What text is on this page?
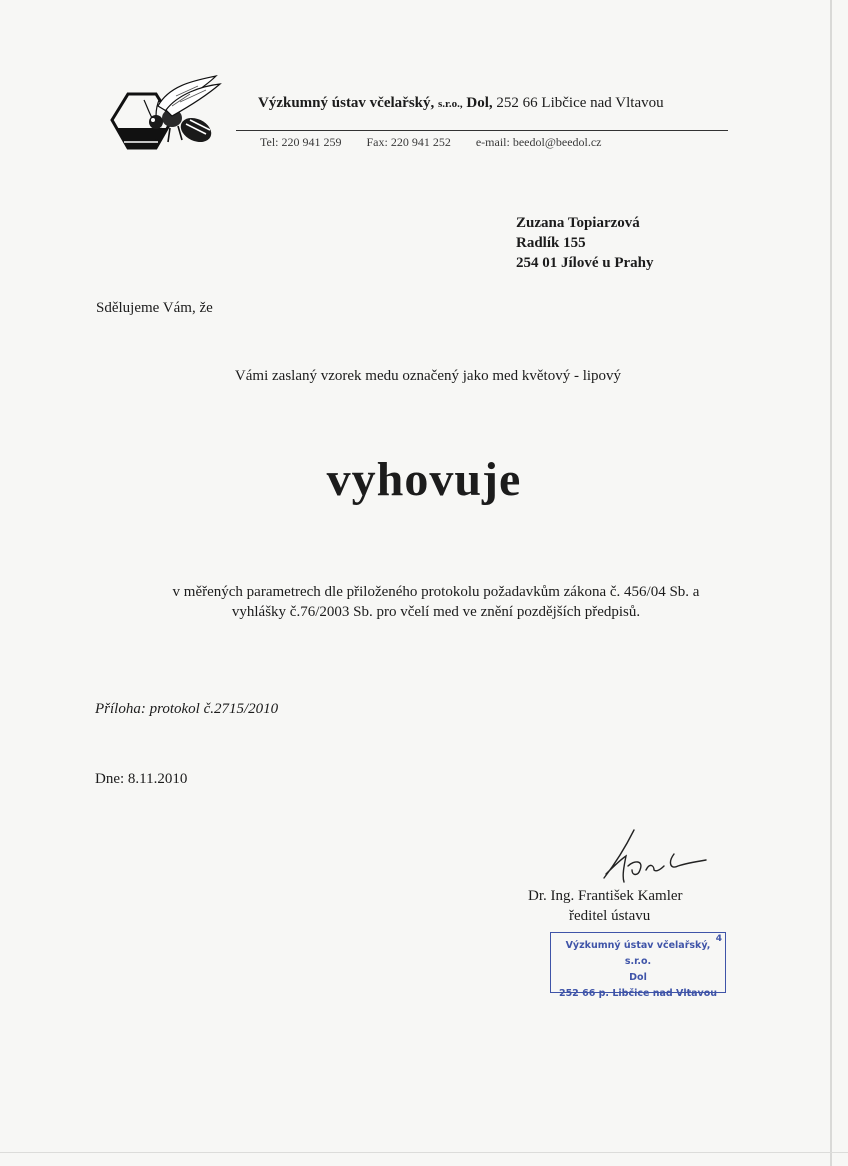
Výzkumný ústav včelařský, s.r.o., Dol, 252 66 Libčice nad Vltavou
Tel: 220 941 259 Fax: 220 941 252 e-mail: beedol@beedol.cz
Zuzana Topiarzová
Radlík 155
254 01 Jílové u Prahy
Sdělujeme Vám, že
Vámi zaslaný vzorek medu označený jako med květový - lipový
vyhovuje
v měřených parametrech dle přiloženého protokolu požadavkům zákona č. 456/04 Sb. a
vyhlášky č.76/2003 Sb. pro včelí med ve znění pozdějších předpisů.
Příloha: protokol č.2715/2010
Dne: 8.11.2010
Dr. Ing. František Kamler
ředitel ústavu
4
Výzkumný ústav včelařský, s.r.o.
Dol
252 66 p. Libčice nad Vltavou
